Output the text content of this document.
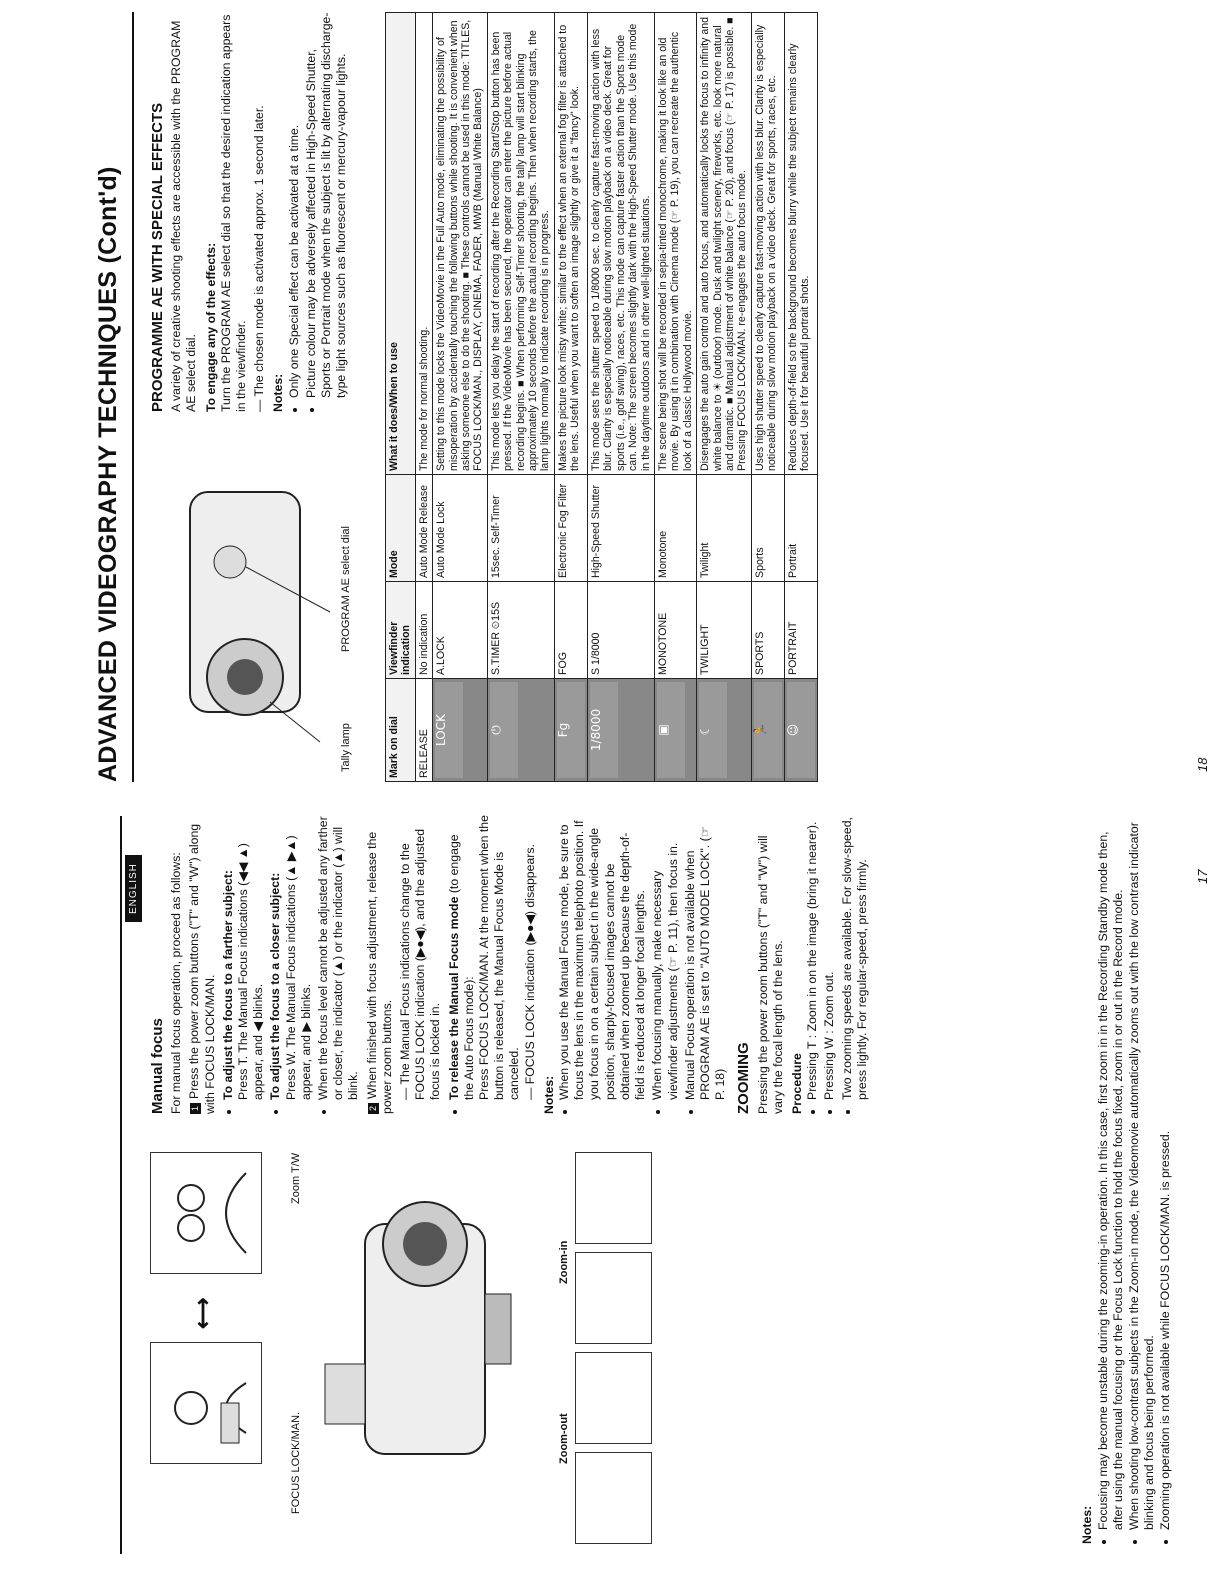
ENGLISH
⟷
FOCUS LOCK/MAN.
Zoom T/W
Zoom-out
Zoom-in
Manual focus For manual focus operation, proceed as follows: 1Press the power zoom buttons ("T" and "W") along with FOCUS LOCK/MAN. • To adjust the focus to a farther subject:
Press T. The Manual Focus indications (◀◀ ▲) appear, and ◀ blinks. • To adjust the focus to a closer subject:
Press W. The Manual Focus indications (▲ ▶▲) appear, and ▶ blinks. • When the focus level cannot be adjusted any farther or closer, the indicator (▲) or the indicator (▲) will blink.

2When finished with focus adjustment, release the power zoom buttons. — The Manual Focus indications change to the FOCUS LOCK indication (▶●◀), and the adjusted focus is locked in. • To release the Manual Focus mode (to engage the Auto Focus mode):
Press FOCUS LOCK/MAN. At the moment when the button is released, the Manual Focus Mode is canceled.
— FOCUS LOCK indication (▶●◀) disappears. Notes: • When you use the Manual Focus mode, be sure to focus the lens in the maximum telephoto position. If you focus in on a certain subject in the wide-angle position, sharply-focused images cannot be obtained when zoomed up because the depth-of-field is reduced at longer focal lengths. • When focusing manually, make necessary viewfinder adjustments (☞ P. 11), then focus in. • Manual Focus operation is not available when PROGRAM AE is set to "AUTO MODE LOCK". (☞ P. 18) ZOOMING Pressing the power zoom buttons ("T" and "W") will vary the focal length of the lens. Procedure • Pressing T : Zoom in on the image (bring it nearer). • Pressing W : Zoom out. • Two zooming speeds are available. For slow-speed, press lightly. For regular-speed, press firmly.
Notes: • Focusing may become unstable during the zooming-in operation. In this case, first zoom in in the Recording Standby mode then, after using the manual focusing or the Focus Lock function to hold the focus fixed, zoom in or out in the Record mode. • When shooting low-contrast subjects in the Zoom-in mode, the Videomovie automatically zooms out with the low contrast indicator blinking and focus being performed. • Zooming operation is not available while FOCUS LOCK/MAN. is pressed.
17
ADVANCED VIDEOGRAPHY TECHNIQUES (Cont'd)	Tally lamp
PROGRAM AE select dial
PROGRAMME AE WITH SPECIAL EFFECTS A variety of creative shooting effects are accessible with the PROGRAM AE select dial. To engage any of the effects: Turn the PROGRAM AE select dial so that the desired indication appears in the viewfinder. — The chosen mode is activated approx. 1 second later. Notes: • Only one Special effect can be activated at a time. • Picture colour may be adversely affected in High-Speed Shutter, Sports or Portrait mode when the subject is lit by alternating discharge-type light sources such as fluorescent or mercury-vapour lights.
Mark on dial	Viewfinder indication	Mode	What it does/When to use
RELEASE	No indication	Auto Mode Release	The mode for normal shooting.

LOCK	A.LOCK	Auto Mode Lock	Setting to this mode locks the VideoMovie in the Full Auto mode, eliminating the possibility of misoperation by accidentally touching the following buttons while shooting. It is convenient when asking someone else to do the shooting. ■ These controls cannot be used in this mode: TITLES, FOCUS LOCK/MAN., DISPLAY, CINEMA, FADER, MWB (Manual White Balance)

⏻	S.TIMER ⏲15S	15sec. Self-Timer	This mode lets you delay the start of recording after the Recording Start/Stop button has been pressed. If the VideoMovie has been secured, the operator can enter the picture before actual recording begins. ■ When performing Self-Timer shooting, the tally lamp will start blinking approximately 10 seconds before the actual recording begins. Then when recording starts, the lamp lights normally to indicate recording is in progress.

Fg	FOG	Electronic Fog Filter	Makes the picture look misty white; similar to the effect when an external fog filter is attached to the lens. Useful when you want to soften an image slightly or give it a "fancy" look.

1/8000	S 1/8000	High-Speed Shutter	This mode sets the shutter speed to 1/8000 sec. to clearly capture fast-moving action with less blur. Clarity is especially noticeable during slow motion playback on a video deck. Great for sports (i.e., golf swing), races, etc. This mode can capture faster action than the Sports mode can. Note: The screen becomes slightly dark with the High-Speed Shutter mode. Use this mode in the daytime outdoors and in other well-lighted situations.

▣	MONOTONE	Monotone	The scene being shot will be recorded in sepia-tinted monochrome, making it look like an old movie. By using it in combination with Cinema mode (☞ P. 19), you can recreate the authentic look of a classic Hollywood movie.

☾	TWILIGHT	Twilight	Disengages the auto gain control and auto focus, and automatically locks the focus to infinity and white balance to ☀ (outdoor) mode. Dusk and twilight scenery, fireworks, etc. look more natural and dramatic. ■ Manual adjustment of white balance (☞ P. 20), and focus (☞ P. 17) is possible. ■ Pressing FOCUS LOCK/MAN. re-engages the auto focus mode.

🏃	SPORTS	Sports	Uses high shutter speed to clearly capture fast-moving action with less blur. Clarity is especially noticeable during slow motion playback on a video deck. Great for sports, races, etc.

☺	PORTRAIT	Portrait	Reduces depth-of-field so the background becomes blurry while the subject remains clearly focused. Use it for beautiful portrait shots.
18
